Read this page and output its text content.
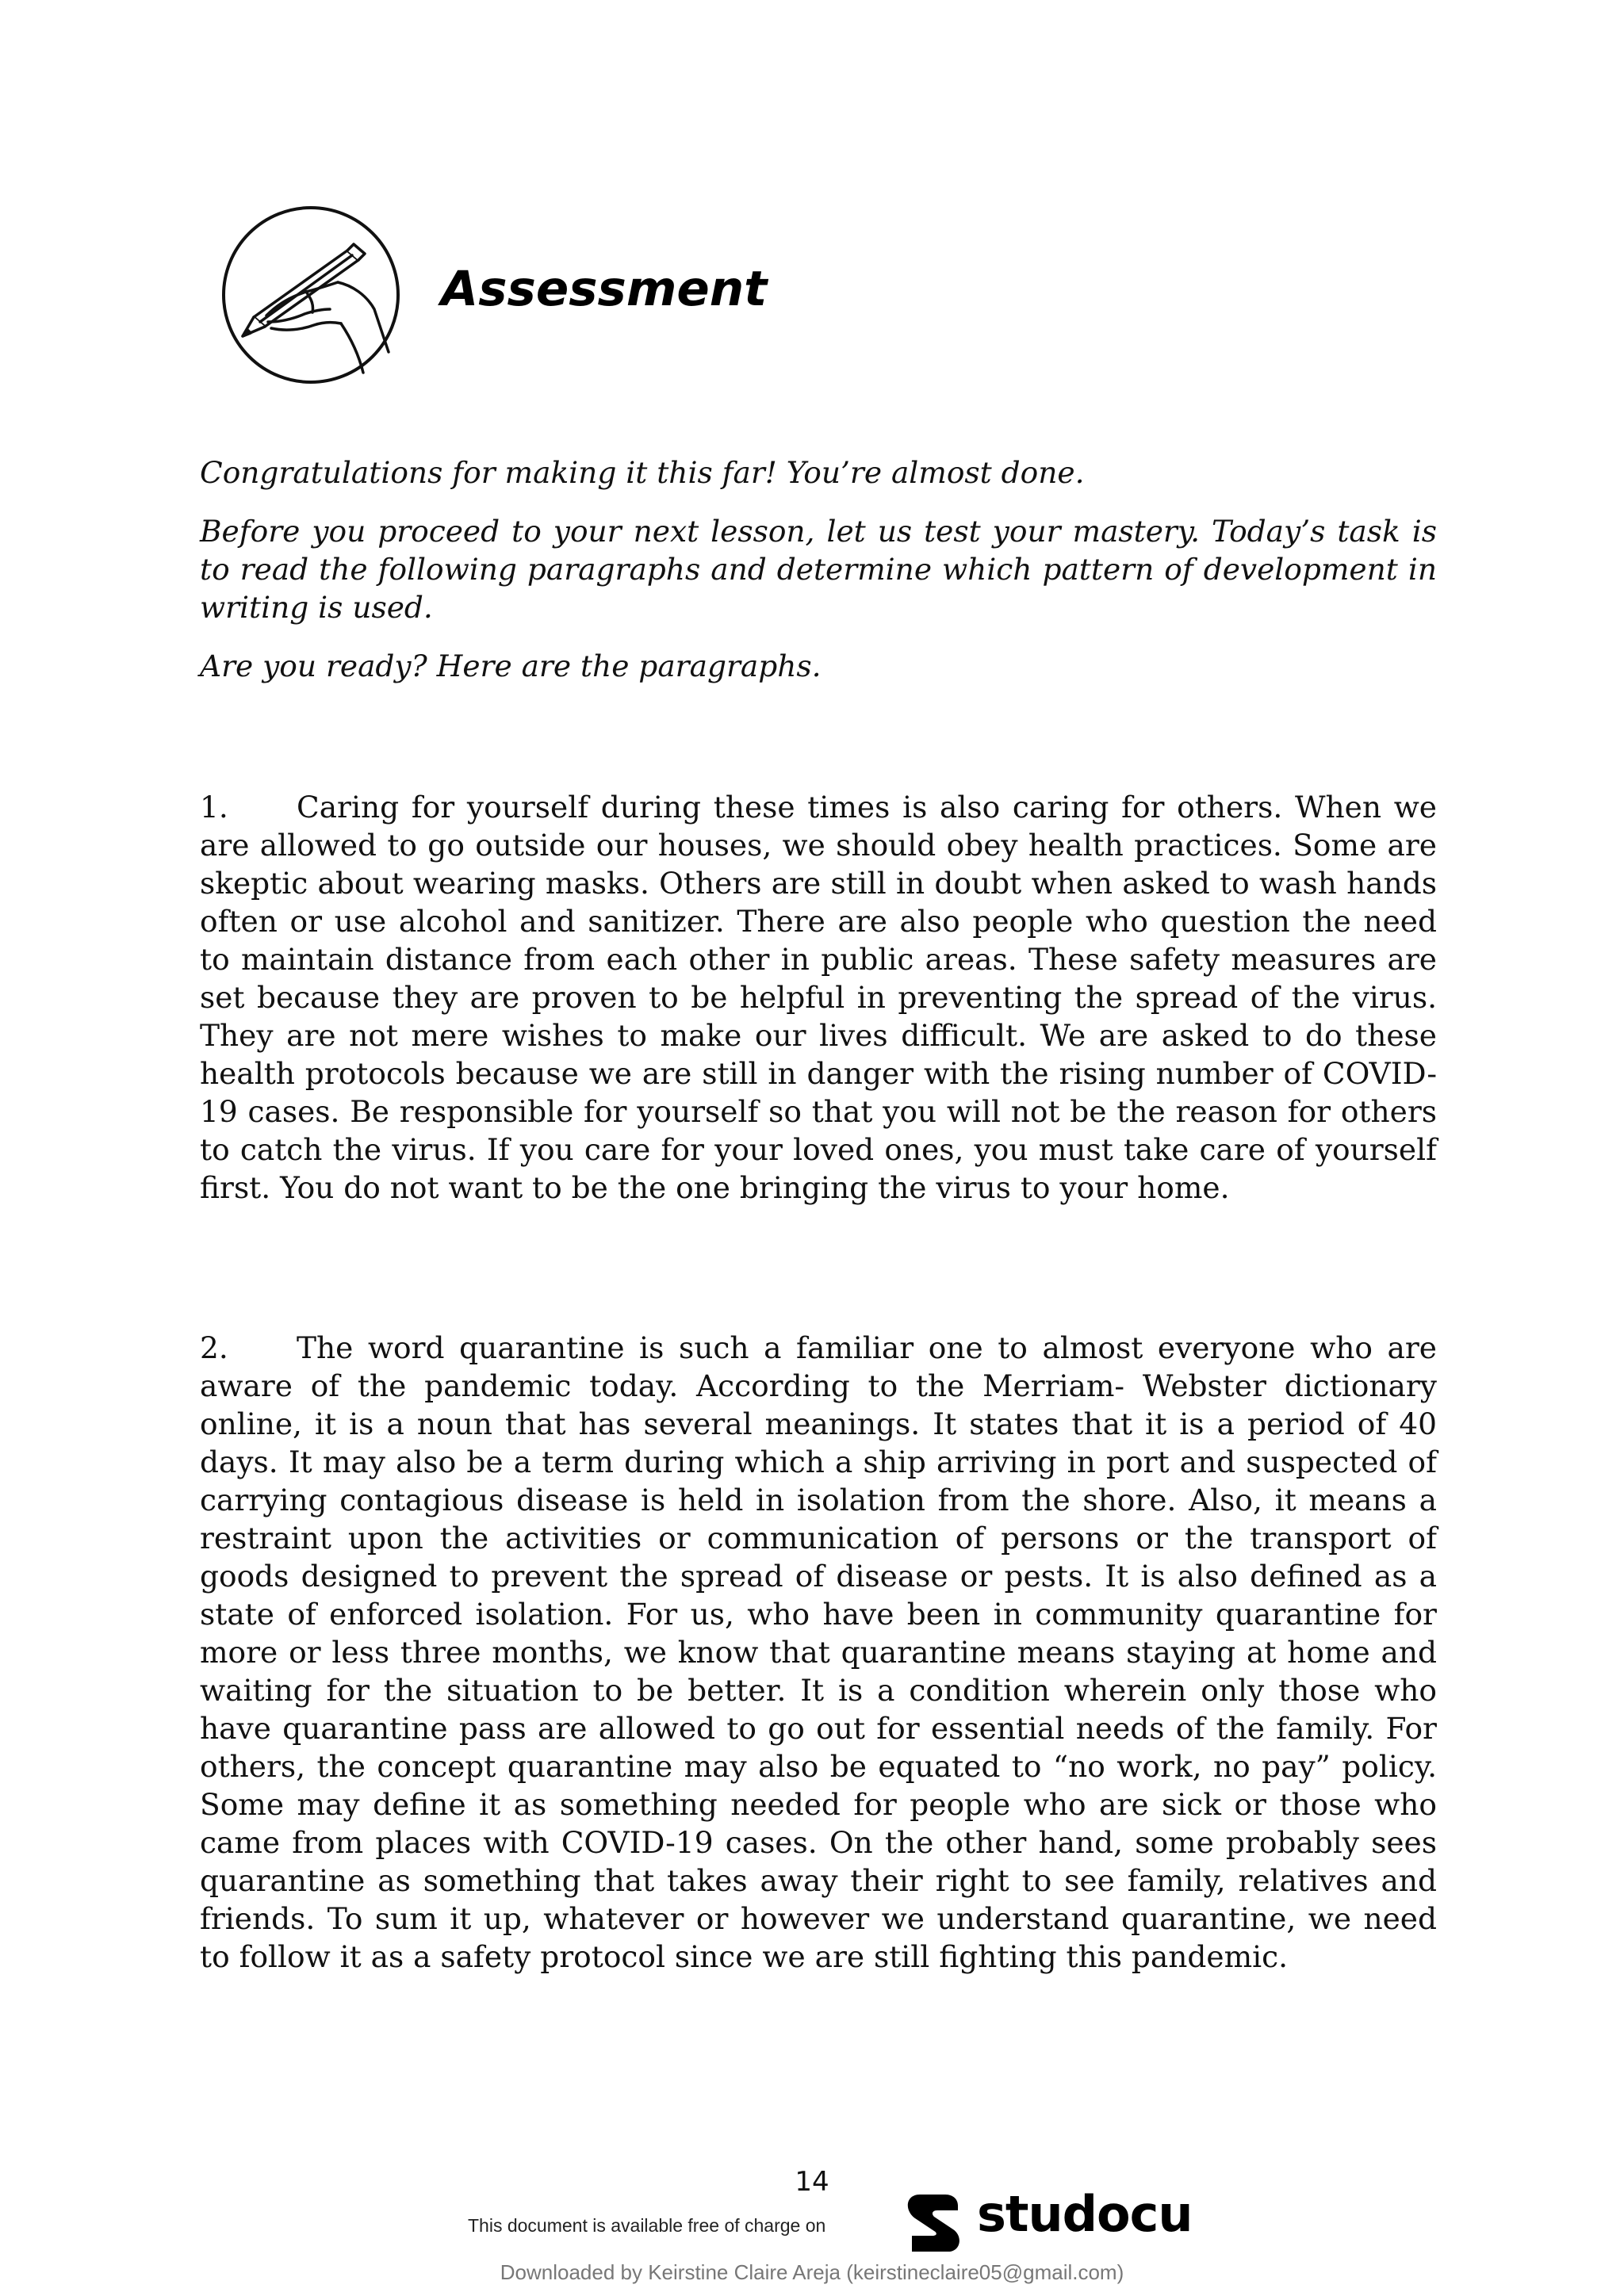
Assessment

Congratulations for making it this far! You’re almost done.

Before you proceed to your next lesson, let us test your mastery. Today’s task is to read the following paragraphs and determine which pattern of development in writing is used.

Are you ready? Here are the paragraphs.

1. Caring for yourself during these times is also caring for others. When we are allowed to go outside our houses, we should obey health practices. Some are skeptic about wearing masks. Others are still in doubt when asked to wash hands often or use alcohol and sanitizer. There are also people who question the need to maintain distance from each other in public areas. These safety measures are set because they are proven to be helpful in preventing the spread of the virus. They are not mere wishes to make our lives difficult. We are asked to do these health protocols because we are still in danger with the rising number of COVID-19 cases. Be responsible for yourself so that you will not be the reason for others to catch the virus. If you care for your loved ones, you must take care of yourself first. You do not want to be the one bringing the virus to your home.

2. The word quarantine is such a familiar one to almost everyone who are aware of the pandemic today. According to the Merriam- Webster dictionary online, it is a noun that has several meanings. It states that it is a period of 40 days. It may also be a term during which a ship arriving in port and suspected of carrying contagious disease is held in isolation from the shore. Also, it means a restraint upon the activities or communication of persons or the transport of goods designed to prevent the spread of disease or pests. It is also defined as a state of enforced isolation. For us, who have been in community quarantine for more or less three months, we know that quarantine means staying at home and waiting for the situation to be better. It is a condition wherein only those who have quarantine pass are allowed to go out for essential needs of the family. For others, the concept quarantine may also be equated to “no work, no pay” policy. Some may define it as something needed for people who are sick or those who came from places with COVID-19 cases. On the other hand, some probably sees quarantine as something that takes away their right to see family, relatives and friends. To sum it up, whatever or however we understand quarantine, we need to follow it as a safety protocol since we are still fighting this pandemic.

14
This document is available free of charge on	studocu
Downloaded by Keirstine Claire Areja (keirstineclaire05@gmail.com)
